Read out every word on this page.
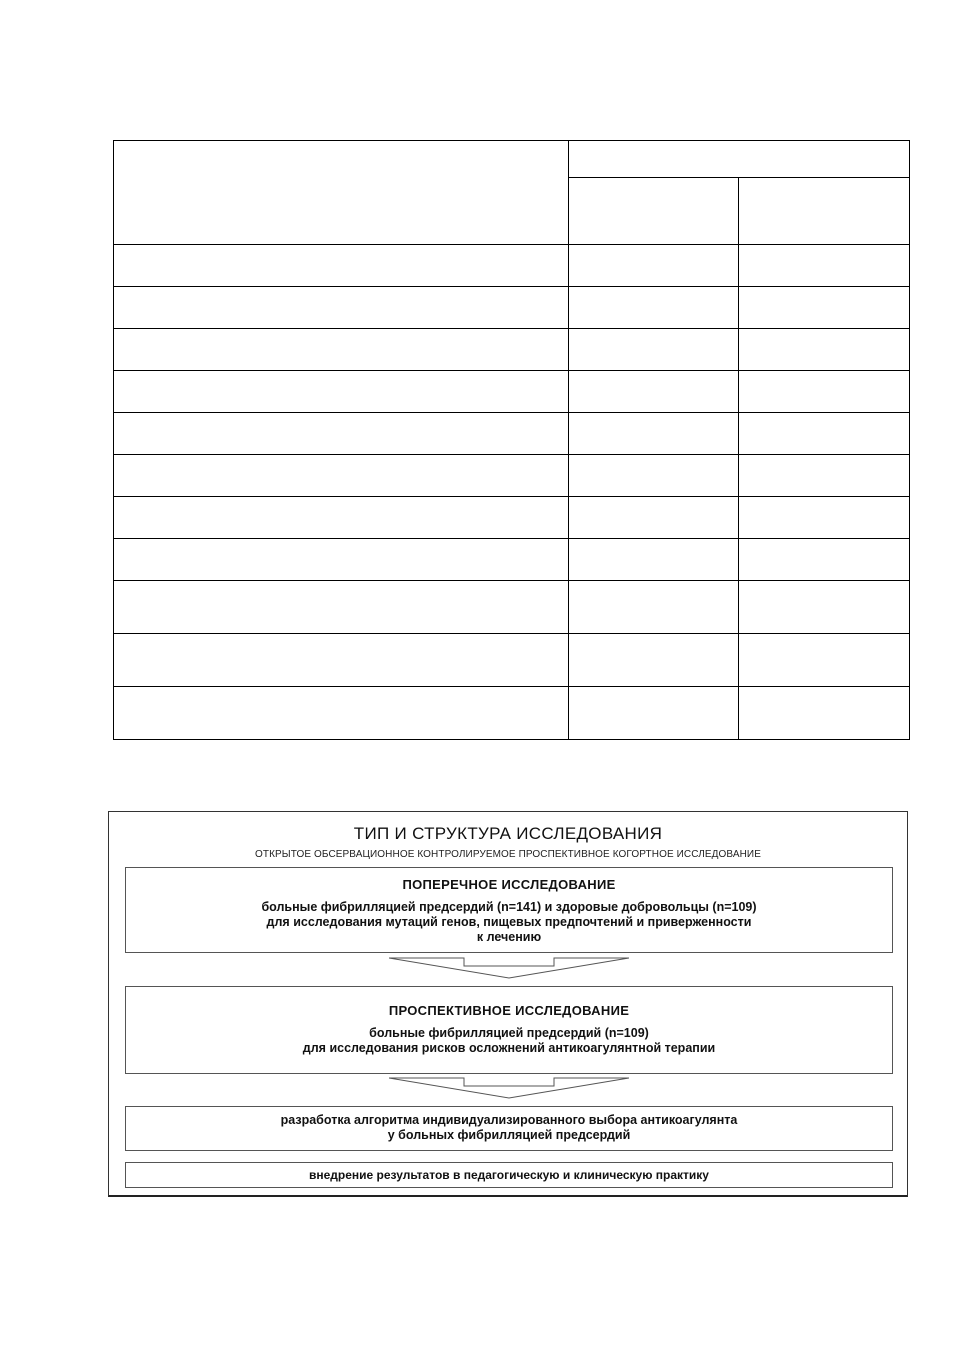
ТИП И СТРУКТУРА ИССЛЕДОВАНИЯ
ОТКРЫТОЕ ОБСЕРВАЦИОННОЕ КОНТРОЛИРУЕМОЕ ПРОСПЕКТИВНОЕ КОГОРТНОЕ ИССЛЕДОВАНИЕ
ПОПЕРЕЧНОЕ ИССЛЕДОВАНИЕ
больные фибрилляцией предсердий (n=141) и здоровые добровольцы (n=109)
для исследования мутаций генов, пищевых предпочтений и приверженности
к лечению
ПРОСПЕКТИВНОЕ ИССЛЕДОВАНИЕ
больные фибрилляцией предсердий (n=109)
для исследования рисков осложнений антикоагулянтной терапии
разработка алгоритма индивидуализированного выбора антикоагулянта
у больных фибрилляцией предсердий
внедрение результатов в педагогическую и клиническую практику
